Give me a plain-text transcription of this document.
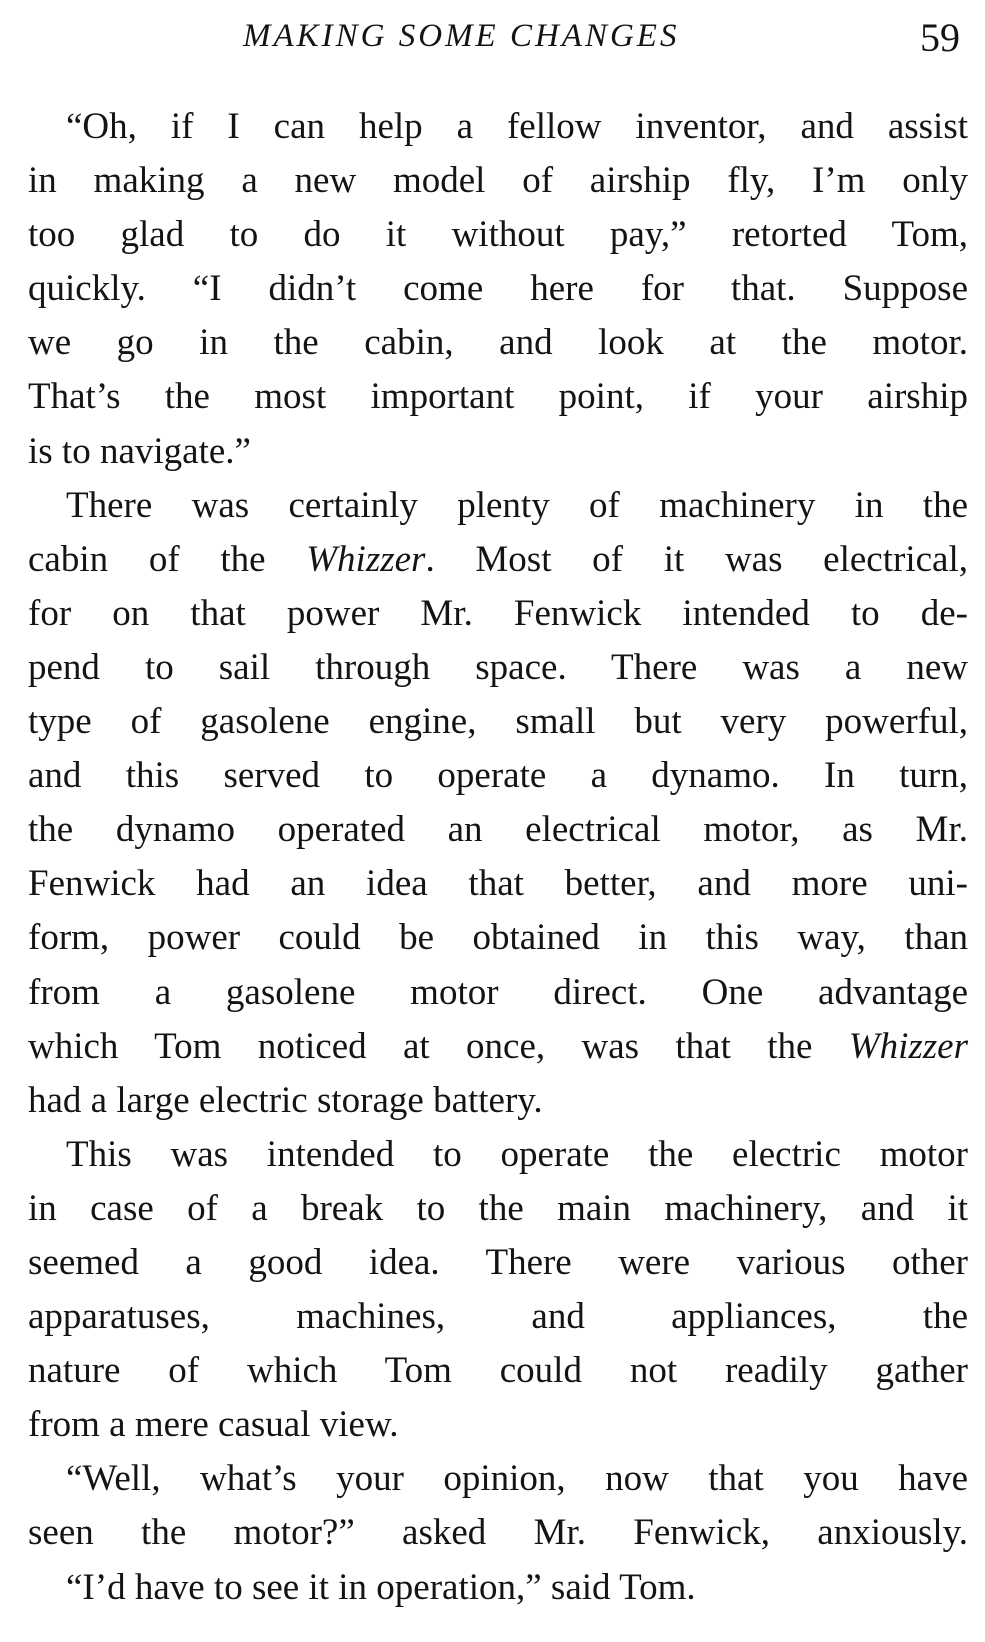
MAKING SOME CHANGES	59
“Oh, if I can help a fellow inventor, and assist
in making a new model of airship fly, I’m only
too glad to do it without pay,” retorted Tom,
quickly. “I didn’t come here for that. Suppose
we go in the cabin, and look at the motor.
That’s the most important point, if your airship
is to navigate.”
There was certainly plenty of machinery in the
cabin of the Whizzer. Most of it was electrical,
for on that power Mr. Fenwick intended to de-
pend to sail through space. There was a new
type of gasolene engine, small but very powerful,
and this served to operate a dynamo. In turn,
the dynamo operated an electrical motor, as Mr.
Fenwick had an idea that better, and more uni-
form, power could be obtained in this way, than
from a gasolene motor direct. One advantage
which Tom noticed at once, was that the Whizzer
had a large electric storage battery.
This was intended to operate the electric motor
in case of a break to the main machinery, and it
seemed a good idea. There were various other
apparatuses, machines, and appliances, the
nature of which Tom could not readily gather
from a mere casual view.
“Well, what’s your opinion, now that you have
seen the motor?” asked Mr. Fenwick, anxiously.
“I’d have to see it in operation,” said Tom.
